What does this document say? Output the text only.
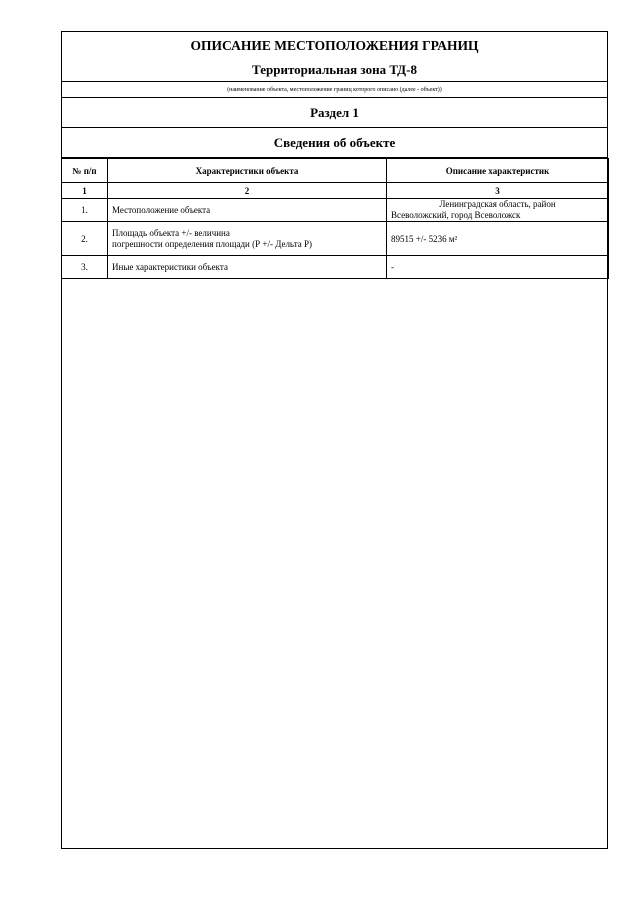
ОПИСАНИЕ МЕСТОПОЛОЖЕНИЯ ГРАНИЦ
Территориальная зона ТД-8
(наименование объекта, местоположение границ которого описано (далее - объект))
Раздел 1
Сведения об объекте
№ п/п	Характеристики объекта	Описание характеристик
1	2	3
1.	Местоположение объекта	Ленинградская область, район
Всеволожский, город Всеволожск

2.	Площадь объекта +/- величина
погрешности определения площади (Р +/- Дельта Р)	89515 +/- 5236 м²
3.	Иные характеристики объекта	-
